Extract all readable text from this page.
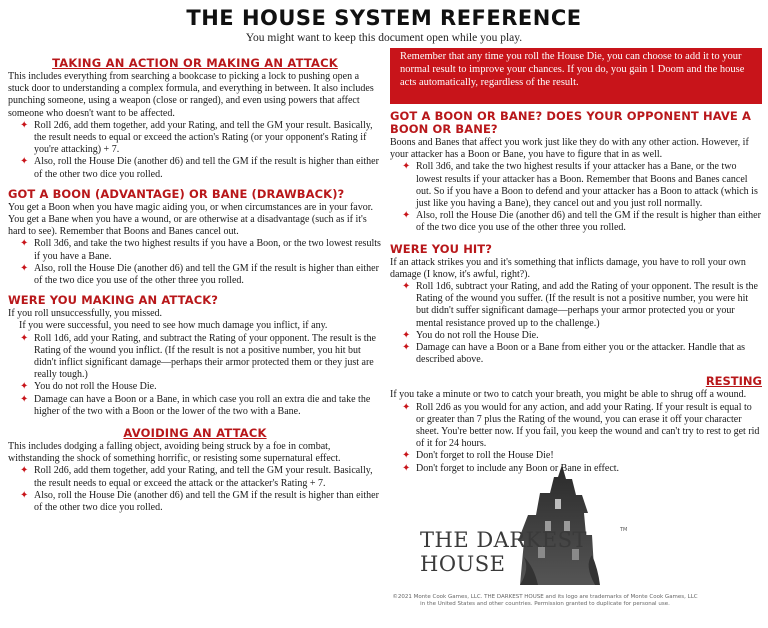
THE HOUSE SYSTEM REFERENCE
You might want to keep this document open while you play.
TAKING AN ACTION OR MAKING AN ATTACK

This includes everything from searching a bookcase to picking a lock to pushing open a stuck door to understanding a complex formula, and everything in between. It also includes punching someone, using a weapon (close or ranged), and even using powers that affect someone who doesn't want to be affected.

✦ Roll 2d6, add them together, add your Rating, and tell the GM your result. Basically, the result needs to equal or exceed the action's Rating (or your opponent's Rating if you're attacking) + 7.
✦ Also, roll the House Die (another d6) and tell the GM if the result is higher than either of the other two dice you rolled.
GOT A BOON (ADVANTAGE) OR BANE (DRAWBACK)?

You get a Boon when you have magic aiding you, or when circumstances are in your favor. You get a Bane when you have a wound, or are otherwise at a disadvantage (such as if it's hard to see). Remember that Boons and Banes cancel out.

✦ Roll 3d6, and take the two highest results if you have a Boon, or the two lowest results if you have a Bane.
✦ Also, roll the House Die (another d6) and tell the GM if the result is higher than either of the two dice you use of the other three you rolled.
WERE YOU MAKING AN ATTACK?

If you roll unsuccessfully, you missed.

If you were successful, you need to see how much damage you inflict, if any.

✦ Roll 1d6, add your Rating, and subtract the Rating of your opponent. The result is the Rating of the wound you inflict. (If the result is not a positive number, you hit but didn't inflict significant damage—perhaps their armor protected them or they just are really tough.)
✦ You do not roll the House Die.
✦ Damage can have a Boon or a Bane, in which case you roll an extra die and take the higher of the two with a Boon or the lower of the two with a Bane.
AVOIDING AN ATTACK

This includes dodging a falling object, avoiding being struck by a foe in combat, withstanding the shock of something horrific, or resisting some supernatural effect.

✦ Roll 2d6, add them together, add your Rating, and tell the GM your result. Basically, the result needs to equal or exceed the attack or the attacker's Rating + 7.
✦ Also, roll the House Die (another d6) and tell the GM if the result is higher than either of the other two dice you rolled.
Remember that any time you roll the House Die, you can choose to add it to your normal result to improve your chances. If you do, you gain 1 Doom and the house acts automatically, regardless of the result.
GOT A BOON OR BANE? DOES YOUR OPPONENT HAVE A BOON OR BANE?

Boons and Banes that affect you work just like they do with any other action. However, if your attacker has a Boon or Bane, you have to figure that in as well.

✦ Roll 3d6, and take the two highest results if your attacker has a Bane, or the two lowest results if your attacker has a Boon. Remember that Boons and Banes cancel out. So if you have a Boon to defend and your attacker has a Boon to attack (which is just like you having a Bane), they cancel out and you just roll normally.
✦ Also, roll the House Die (another d6) and tell the GM if the result is higher than either of the two dice you use of the other three you rolled.
WERE YOU HIT?

If an attack strikes you and it's something that inflicts damage, you have to roll your own damage (I know, it's awful, right?).

✦ Roll 1d6, subtract your Rating, and add the Rating of your opponent. The result is the Rating of the wound you suffer. (If the result is not a positive number, you were hit but didn't suffer significant damage—perhaps your armor protected you or your mental resistance proved up to the challenge.)
✦ You do not roll the House Die.
✦ Damage can have a Boon or a Bane from either you or the attacker. Handle that as described above.
RESTING

If you take a minute or two to catch your breath, you might be able to shrug off a wound.

✦ Roll 2d6 as you would for any action, and add your Rating. If your result is equal to or greater than 7 plus the Rating of the wound, you can erase it off your character sheet. You're better now. If you fail, you keep the wound and can't try to rest to get rid of it for 24 hours.
✦ Don't forget to roll the House Die!
✦ Don't forget to include any Boon or Bane in effect.
THE DARKEST HOUSE
TM
©2021 Monte Cook Games, LLC. THE DARKEST HOUSE and its logo are trademarks of Monte Cook Games, LLC in the United States and other countries. Permission granted to duplicate for personal use.
